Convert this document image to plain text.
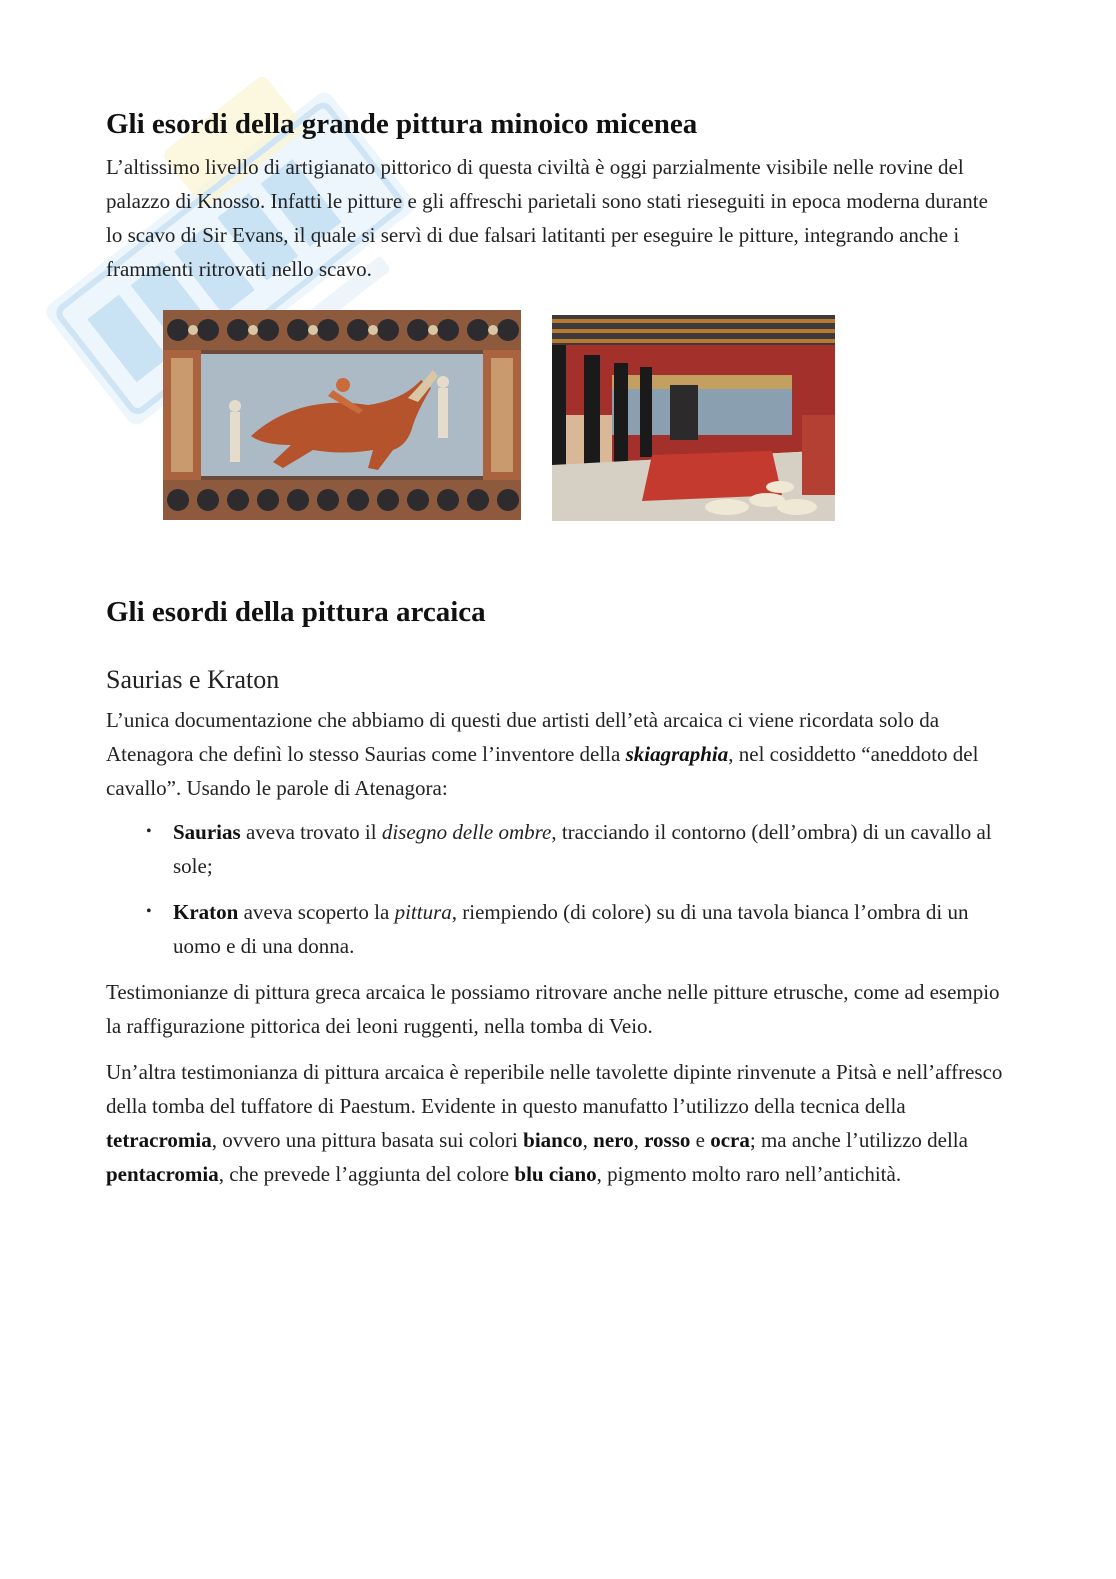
Gli esordi della grande pittura minoico micenea

L’altissimo livello di artigianato pittorico di questa civiltà è oggi parzialmente visibile nelle rovine del palazzo di Knosso. Infatti le pitture e gli affreschi parietali sono stati rieseguiti in epoca moderna durante lo scavo di Sir Evans, il quale si servì di due falsari latitanti per eseguire le pitture, integrando anche i frammenti ritrovati nello scavo.

Gli esordi della pittura arcaica
Saurias e Kraton

L’unica documentazione che abbiamo di questi due artisti dell’età arcaica ci viene ricordata solo da Atenagora che definì lo stesso Saurias come l’inventore della skiagraphia, nel cosiddetto “aneddoto del cavallo”. Usando le parole di Atenagora:

• Saurias aveva trovato il disegno delle ombre, tracciando il contorno (dell’ombra) di un cavallo al sole;
• Kraton aveva scoperto la pittura, riempiendo (di colore) su di una tavola bianca l’ombra di un uomo e di una donna.

Testimonianze di pittura greca arcaica le possiamo ritrovare anche nelle pitture etrusche, come ad esempio la raffigurazione pittorica dei leoni ruggenti, nella tomba di Veio.

Un’altra testimonianza di pittura arcaica è reperibile nelle tavolette dipinte rinvenute a Pitsà e nell’affresco della tomba del tuffatore di Paestum. Evidente in questo manufatto l’utilizzo della tecnica della tetracromia, ovvero una pittura basata sui colori bianco, nero, rosso e ocra; ma anche l’utilizzo della pentacromia, che prevede l’aggiunta del colore blu ciano, pigmento molto raro nell’antichità.
